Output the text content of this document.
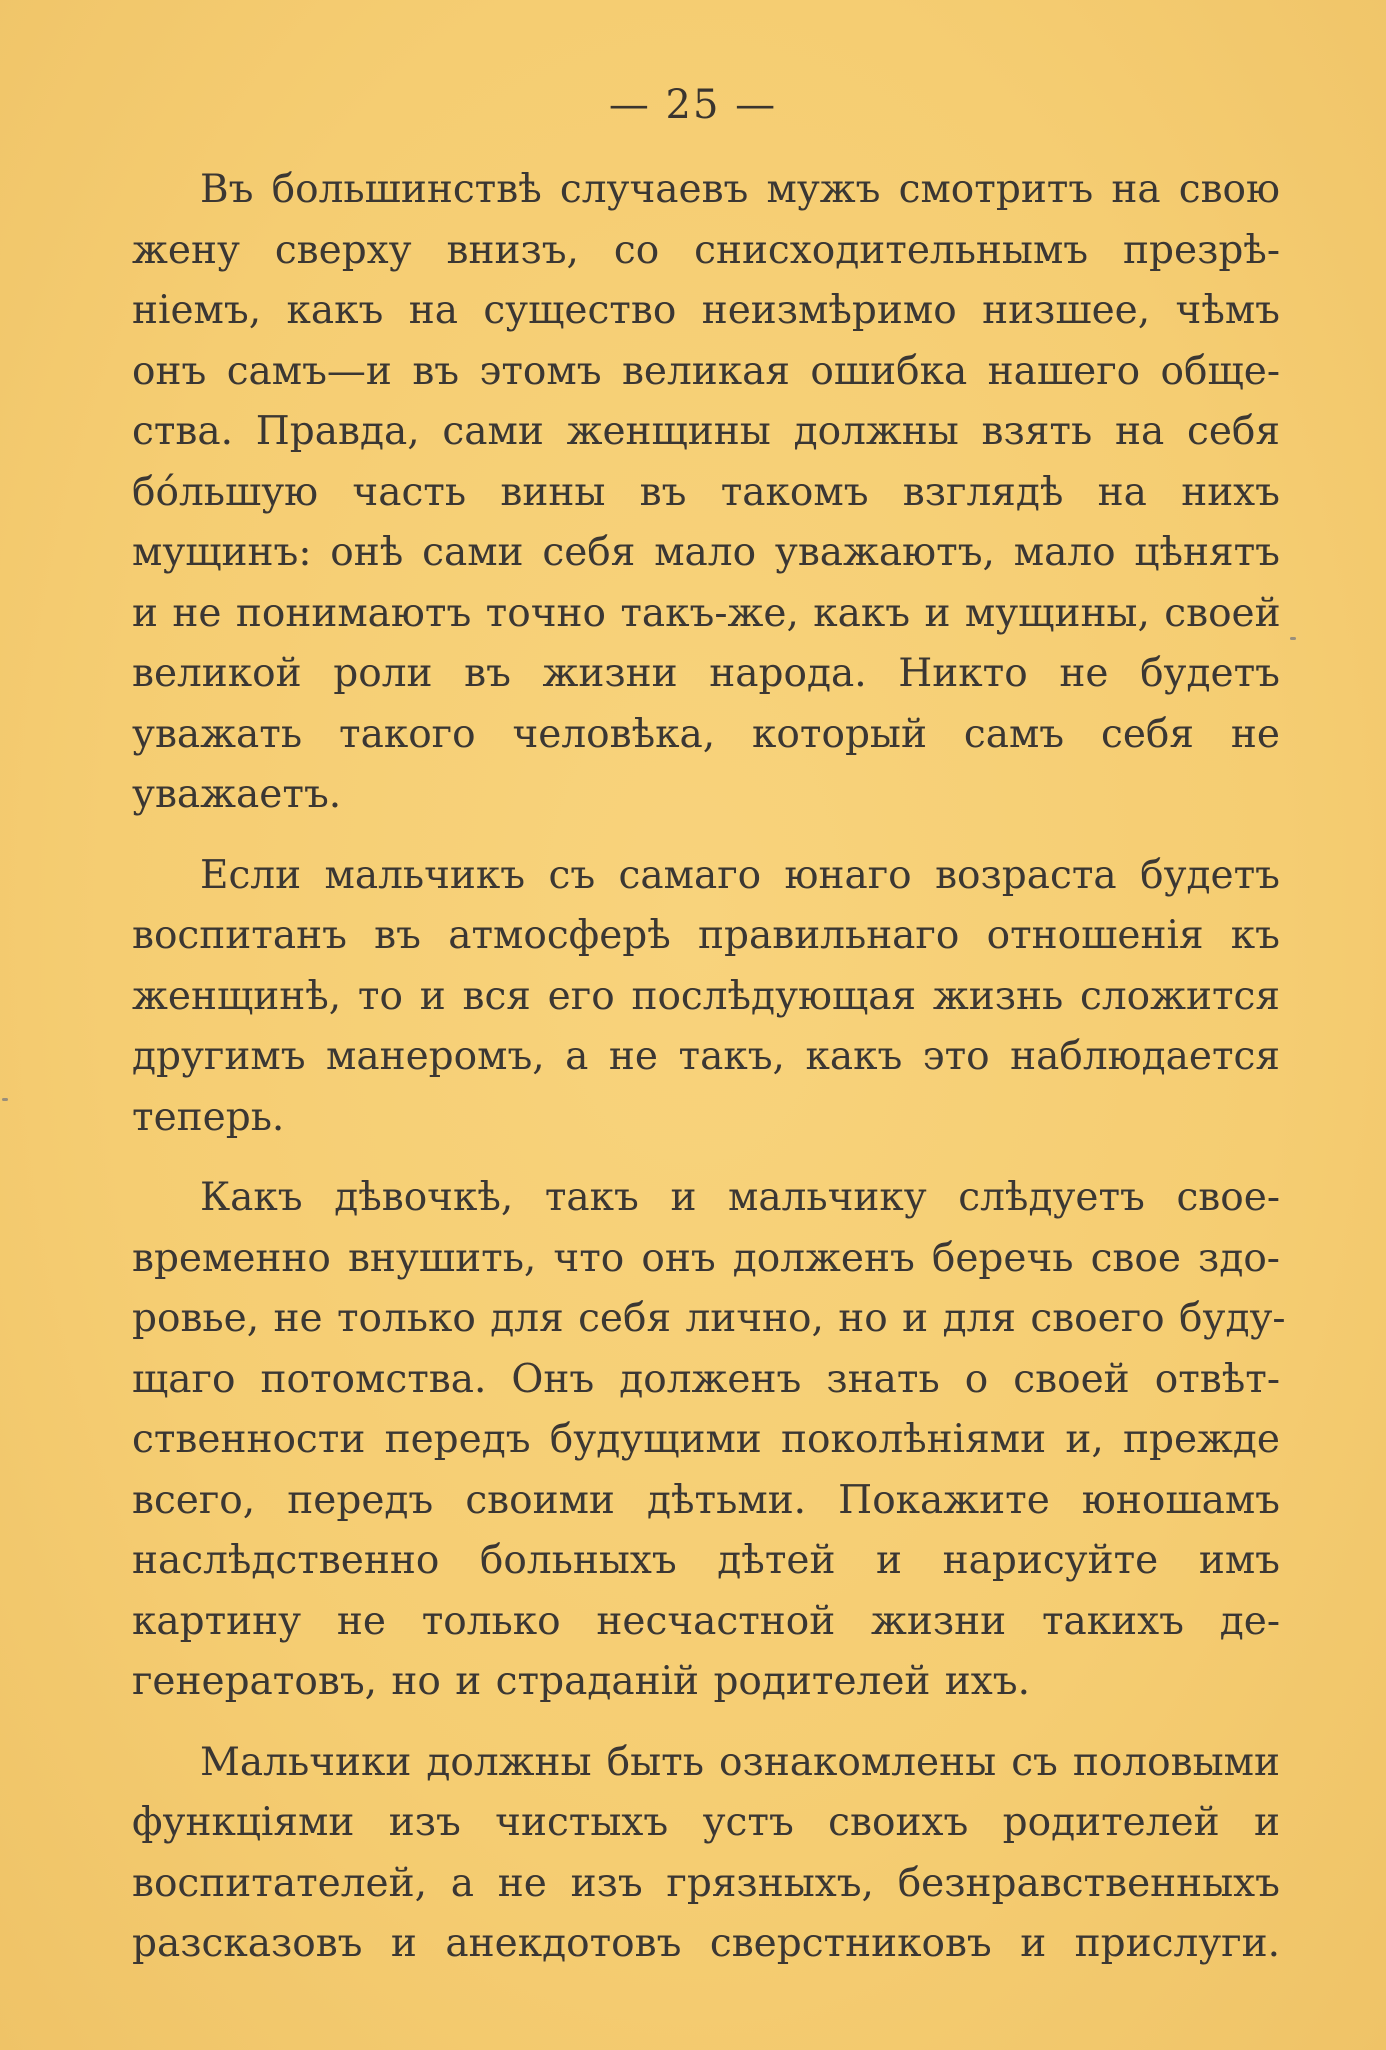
— 25 —

Въ большинствѣ случаевъ мужъ смотритъ на свою
жену сверху внизъ, со снисходительнымъ презрѣ-
ніемъ, какъ на существо неизмѣримо низшее, чѣмъ
онъ самъ—и въ этомъ великая ошибка нашего обще-
ства. Правда, сами женщины должны взять на себя
бóльшую часть вины въ такомъ взглядѣ на нихъ
мущинъ: онѣ сами себя мало уважаютъ, мало цѣнятъ
и не понимаютъ точно такъ-же, какъ и мущины, своей
великой роли въ жизни народа. Никто не будетъ
уважать такого человѣка, который самъ себя не
уважаетъ.

Если мальчикъ съ самаго юнаго возраста будетъ
воспитанъ въ атмосферѣ правильнаго отношенія къ
женщинѣ, то и вся его послѣдующая жизнь сложится
другимъ манеромъ, а не такъ, какъ это наблюдается
теперь.

Какъ дѣвочкѣ, такъ и мальчику слѣдуетъ свое-
временно внушить, что онъ долженъ беречь свое здо-
ровье, не только для себя лично, но и для своего буду-
щаго потомства. Онъ долженъ знать о своей отвѣт-
ственности передъ будущими поколѣніями и, прежде
всего, передъ своими дѣтьми. Покажите юношамъ
наслѣдственно больныхъ дѣтей и нарисуйте имъ
картину не только несчастной жизни такихъ де-
генератовъ, но и страданій родителей ихъ.

Мальчики должны быть ознакомлены съ половыми
функціями изъ чистыхъ устъ своихъ родителей и
воспитателей, а не изъ грязныхъ, безнравственныхъ
разсказовъ и анекдотовъ сверстниковъ и прислуги.
